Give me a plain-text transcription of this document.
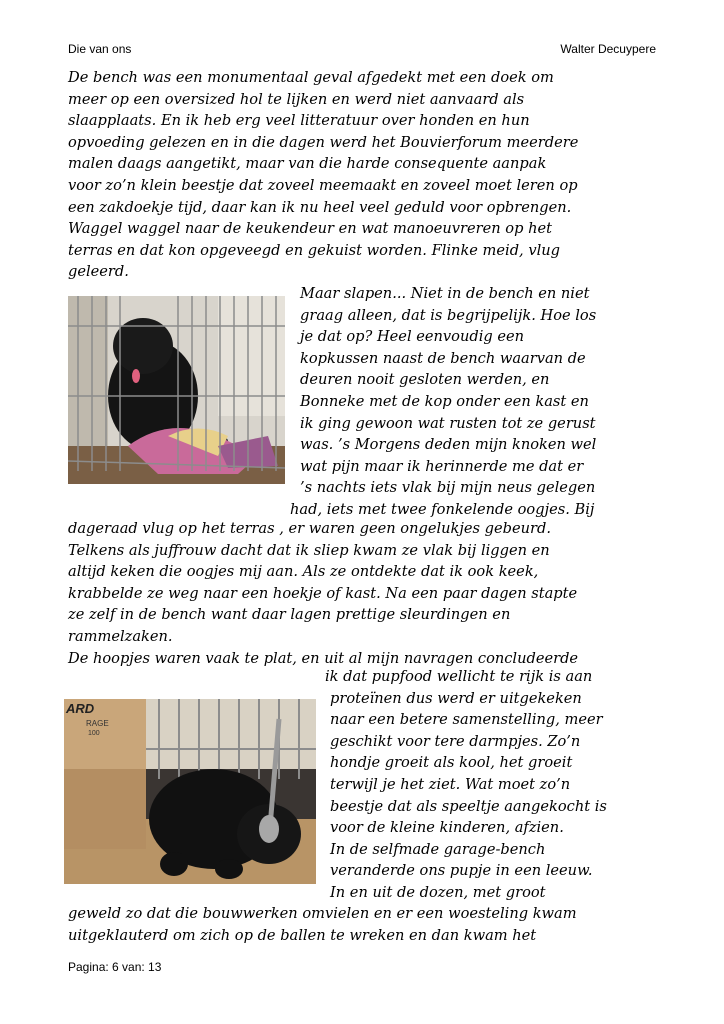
Die van ons	Walter Decuypere
De bench was een monumentaal geval afgedekt met een doek om
meer op een oversized hol te lijken en werd niet aanvaard als
slaapplaats. En ik heb erg veel litteratuur over honden en hun
opvoeding gelezen en in die dagen werd het Bouvierforum meerdere
malen daags aangetikt, maar van die harde consequente aanpak
voor zo’n klein beestje dat zoveel meemaakt en zoveel moet leren op
een zakdoekje tijd, daar kan ik nu heel veel geduld voor opbrengen.
Waggel waggel naar de keukendeur en wat manoeuvreren op het
terras en dat kon opgeveegd en gekuist worden. Flinke meid, vlug
geleerd.
Maar slapen... Niet in de bench en niet
graag alleen, dat is begrijpelijk. Hoe los
je dat op? Heel eenvoudig een
kopkussen naast de bench waarvan de
deuren nooit gesloten werden, en
Bonneke met de kop onder een kast en
ik ging gewoon wat rusten tot ze gerust
was. ’s Morgens deden mijn knoken wel
wat pijn maar ik herinnerde me dat er
’s nachts iets vlak bij mijn neus gelegen
had, iets met twee fonkelende oogjes. Bij
dageraad vlug op het terras , er waren geen ongelukjes gebeurd.
Telkens als juffrouw dacht dat ik sliep kwam ze vlak bij liggen en
altijd keken die oogjes mij aan. Als ze ontdekte dat ik ook keek,
krabbelde ze weg naar een hoekje of kast. Na een paar dagen stapte
ze zelf in de bench want daar lagen prettige sleurdingen en
rammelzaken.
De hoopjes waren vaak te plat, en uit al mijn navragen concludeerde
ARD
RAGE
100
ik dat pupfood wellicht te rijk is aan
proteïnen dus werd er uitgekeken
naar een betere samenstelling, meer
geschikt voor tere darmpjes. Zo’n
hondje groeit als kool, het groeit
terwijl je het ziet. Wat moet zo’n
beestje dat als speeltje aangekocht is
voor de kleine kinderen, afzien.
In de selfmade garage-bench
veranderde ons pupje in een leeuw.
In en uit de dozen, met groot
geweld zo dat die bouwwerken omvielen en er een woesteling kwam
uitgeklauterd om zich op de ballen te wreken en dan kwam het
Pagina: 6 van: 13
